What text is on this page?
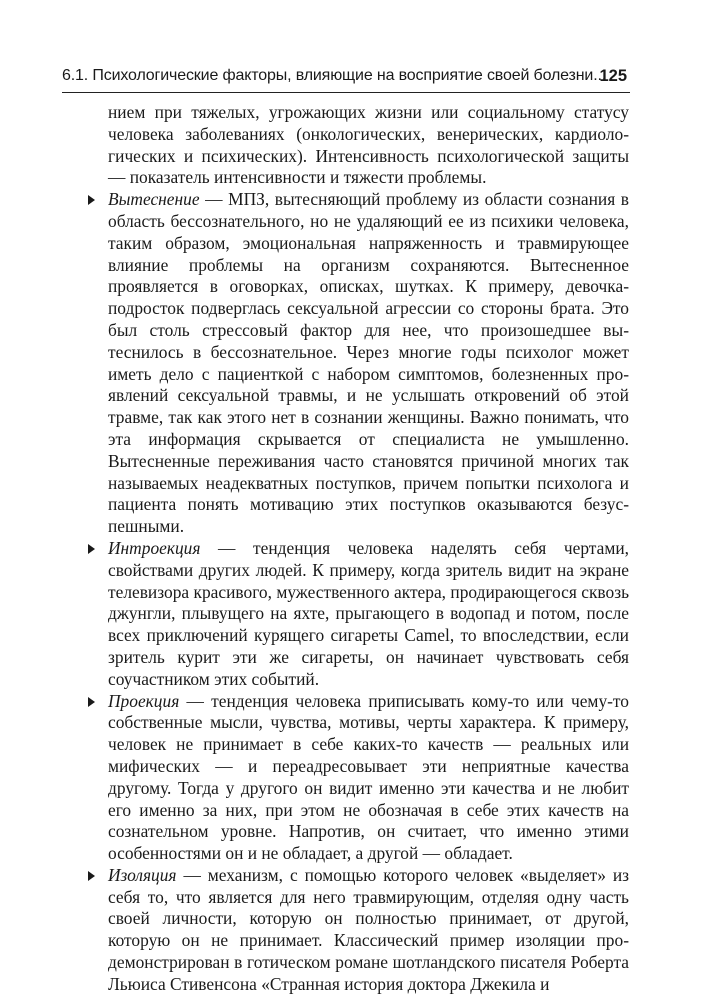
6.1. Психологические факторы, влияющие на восприятие своей болезни...
125

нием при тяжелых, угрожающих жизни или социальному статусу человека заболеваниях (онкологических, венерических, кардиологических и психических). Интенсивность психологической защиты — показатель интенсивности и тяжести проблемы.

Вытеснение — МПЗ, вытесняющий проблему из области сознания в область бессознательного, но не удаляющий ее из психики человека, таким образом, эмоциональная напряженность и травмирующее влияние проблемы на организм сохраняются. Вытесненное проявляется в оговорках, описках, шутках. К примеру, девочка-подросток подверглась сексуальной агрессии со стороны брата. Это был столь стрессовый фактор для нее, что произошедшее вытеснилось в бессознательное. Через многие годы психолог может иметь дело с пациенткой с набором симптомов, болезненных проявлений сексуальной травмы, и не услышать откровений об этой травме, так как этого нет в сознании женщины. Важно понимать, что эта информация скрывается от специалиста не умышленно. Вытесненные переживания часто становятся причиной многих так называемых неадекватных поступков, причем попытки психолога и пациента понять мотивацию этих поступков оказываются безуспешными.
Интроекция — тенденция человека наделять себя чертами, свойствами других людей. К примеру, когда зритель видит на экране телевизора красивого, мужественного актера, продирающегося сквозь джунгли, плывущего на яхте, прыгающего в водопад и потом, после всех приключений курящего сигареты Camel, то впоследствии, если зритель курит эти же сигареты, он начинает чувствовать себя соучастником этих событий.
Проекция — тенденция человека приписывать кому-то или чему-то собственные мысли, чувства, мотивы, черты характера. К примеру, человек не принимает в себе каких-то качеств — реальных или мифических — и переадресовывает эти неприятные качества другому. Тогда у другого он видит именно эти качества и не любит его именно за них, при этом не обозначая в себе этих качеств на сознательном уровне. Напротив, он считает, что именно этими особенностями он и не обладает, а другой — обладает.
Изоляция — механизм, с помощью которого человек «выделяет» из себя то, что является для него травмирующим, отделяя одну часть своей личности, которую он полностью принимает, от другой, которую он не принимает. Классический пример изоляции продемонстрирован в готическом романе шотландского писателя Роберта Льюиса Стивенсона «Странная история доктора Джекила и
